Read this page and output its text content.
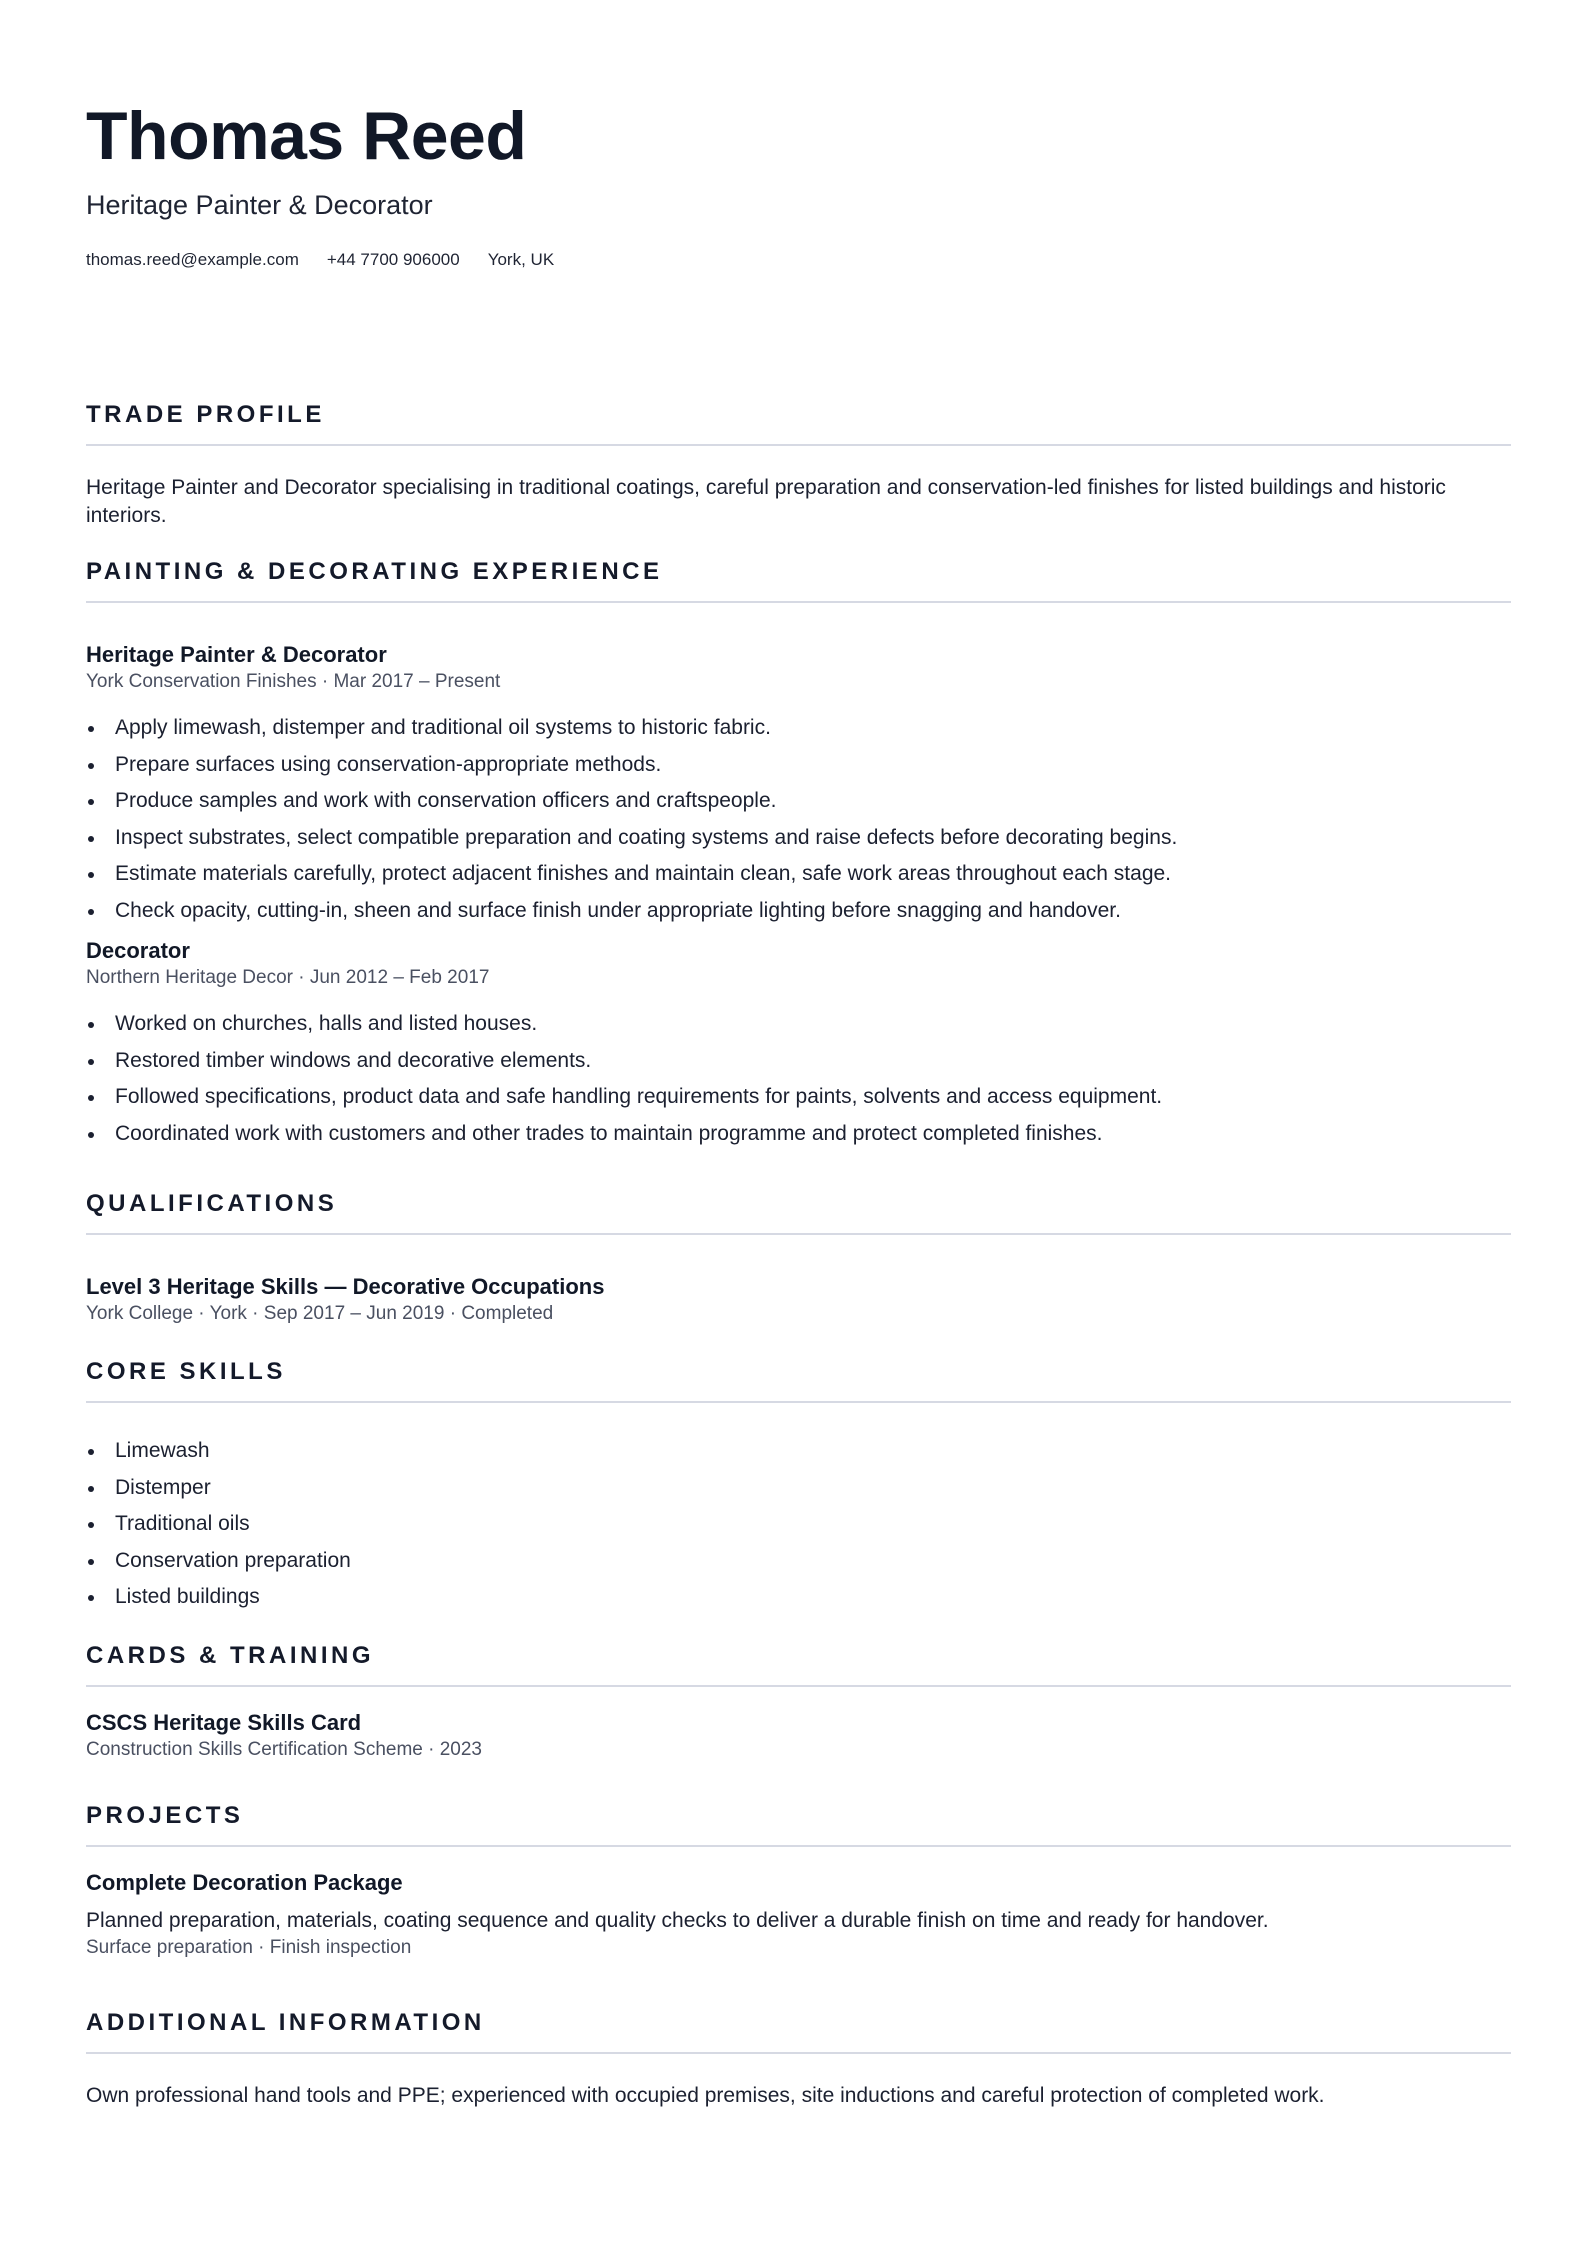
Thomas Reed
Heritage Painter & Decorator
thomas.reed@example.com +44 7700 906000 York, UK
TRADE PROFILE
Heritage Painter and Decorator specialising in traditional coatings, careful preparation and conservation-led finishes for listed buildings and historic interiors.
PAINTING & DECORATING EXPERIENCE
Heritage Painter & Decorator
York Conservation Finishes · Mar 2017 – Present
Apply limewash, distemper and traditional oil systems to historic fabric.
Prepare surfaces using conservation-appropriate methods.
Produce samples and work with conservation officers and craftspeople.
Inspect substrates, select compatible preparation and coating systems and raise defects before decorating begins.
Estimate materials carefully, protect adjacent finishes and maintain clean, safe work areas throughout each stage.
Check opacity, cutting-in, sheen and surface finish under appropriate lighting before snagging and handover.
Decorator
Northern Heritage Decor · Jun 2012 – Feb 2017
Worked on churches, halls and listed houses.
Restored timber windows and decorative elements.
Followed specifications, product data and safe handling requirements for paints, solvents and access equipment.
Coordinated work with customers and other trades to maintain programme and protect completed finishes.
QUALIFICATIONS
Level 3 Heritage Skills — Decorative Occupations
York College · York · Sep 2017 – Jun 2019 · Completed
CORE SKILLS
Limewash
Distemper
Traditional oils
Conservation preparation
Listed buildings
CARDS & TRAINING
CSCS Heritage Skills Card
Construction Skills Certification Scheme · 2023
PROJECTS
Complete Decoration Package
Planned preparation, materials, coating sequence and quality checks to deliver a durable finish on time and ready for handover.
Surface preparation · Finish inspection
ADDITIONAL INFORMATION
Own professional hand tools and PPE; experienced with occupied premises, site inductions and careful protection of completed work.
